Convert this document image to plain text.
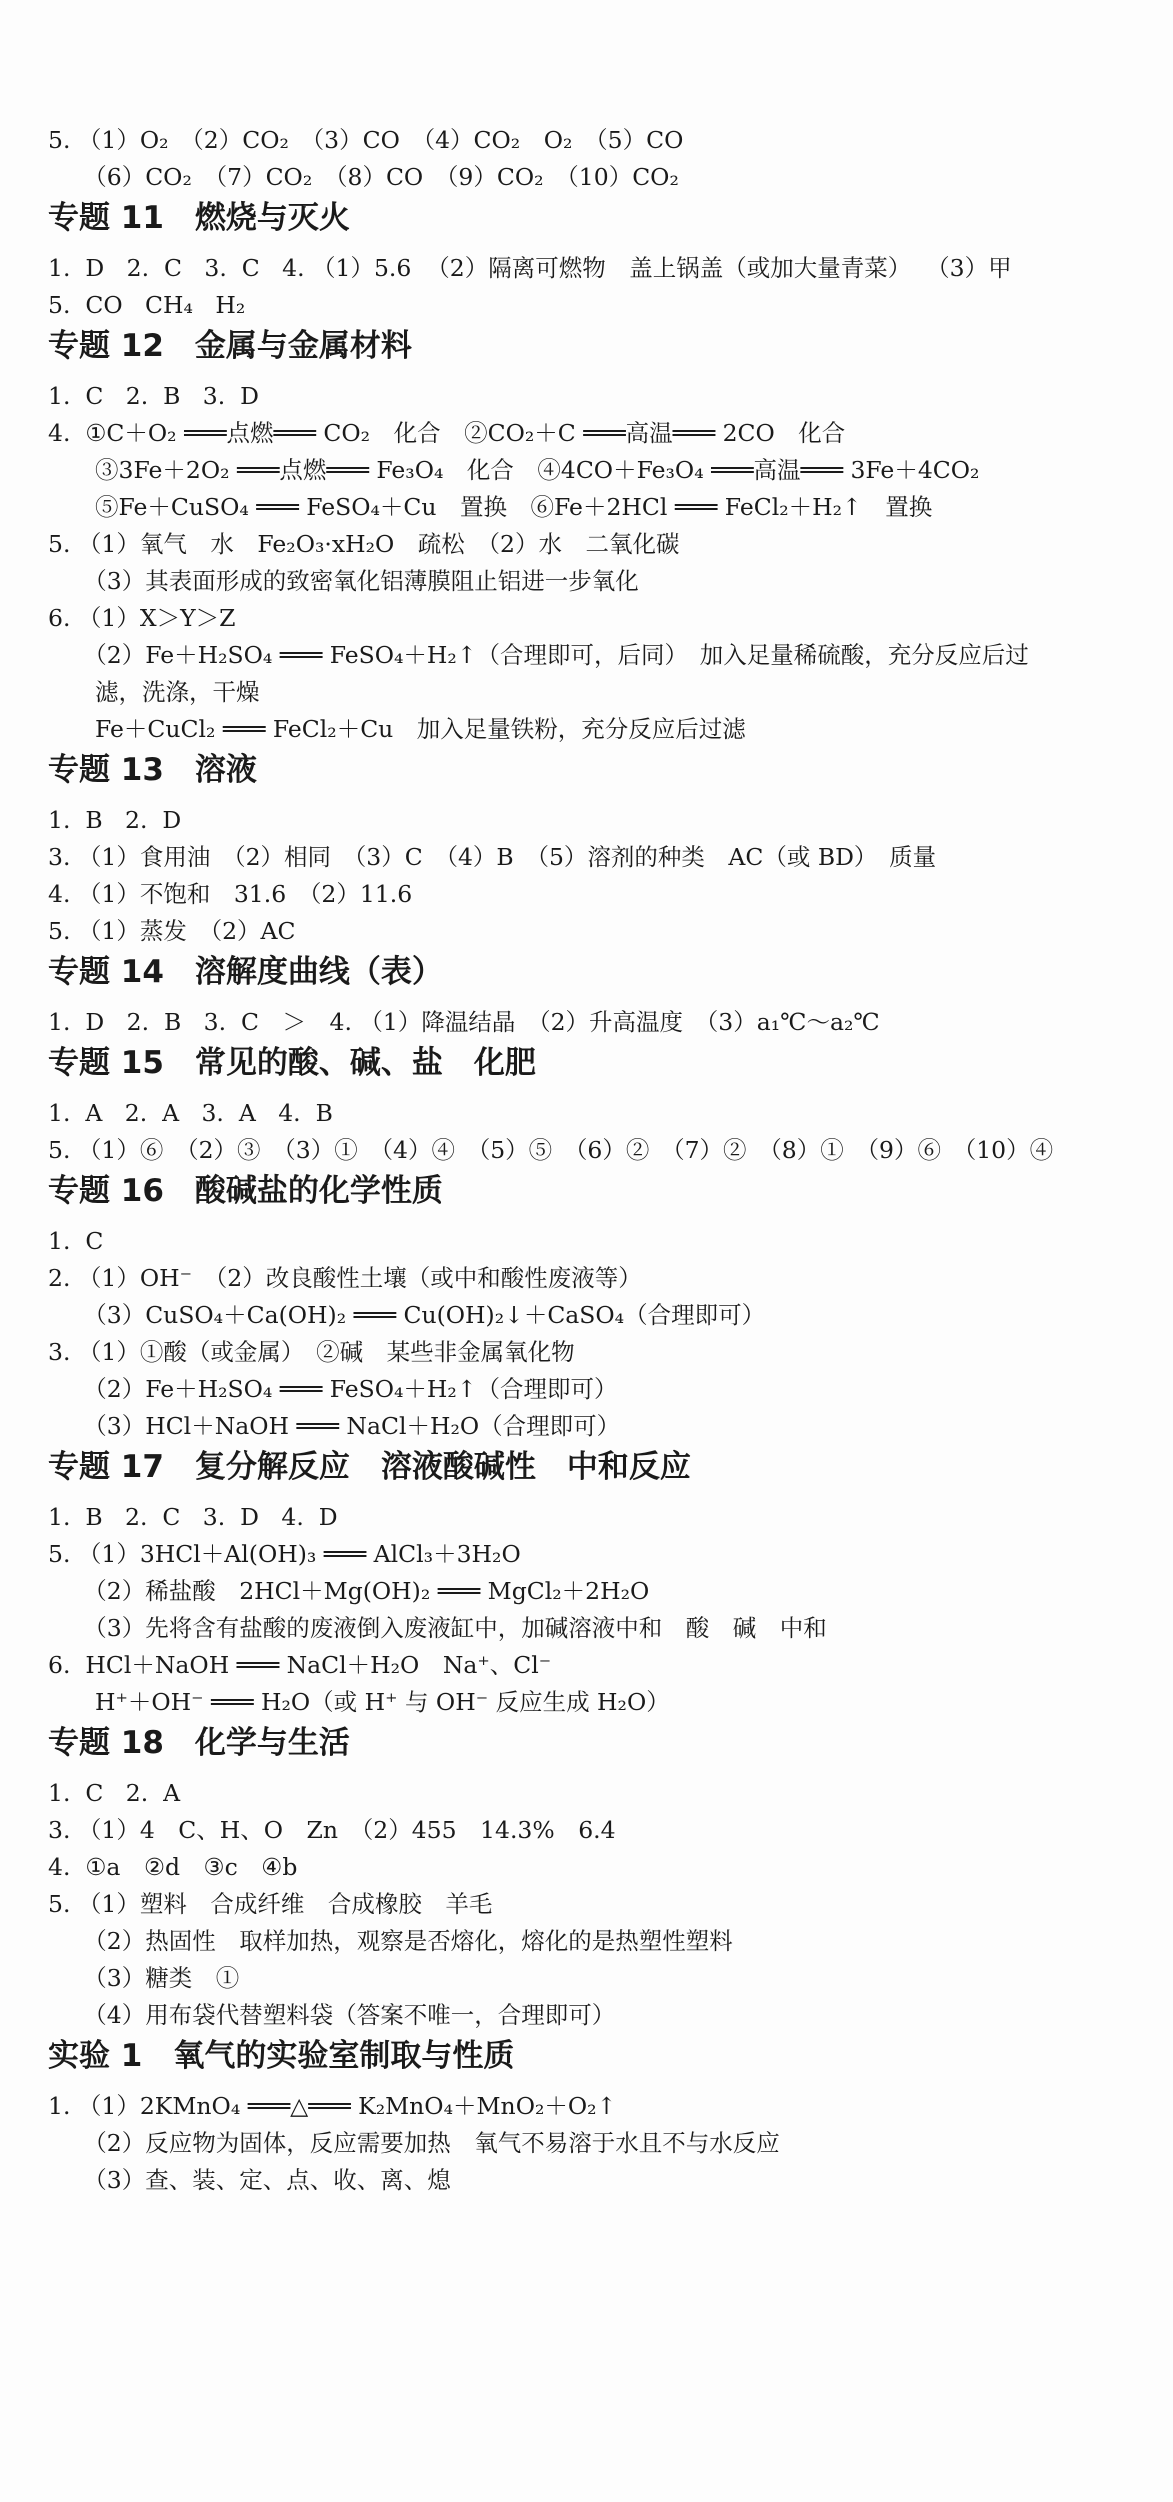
5. （1）O₂　（2）CO₂　（3）CO　（4）CO₂　O₂　（5）CO
　　（6）CO₂　（7）CO₂　（8）CO　（9）CO₂　（10）CO₂
专题 11　燃烧与灭火
1.  D   2.  C   3.  C   4. （1）5.6  （2）隔离可燃物　盖上锅盖（或加大量青菜）  （3）甲
5.  CO   CH₄   H₂
专题 12　金属与金属材料
1.  C   2.  B   3.  D
4.  ①C＋O₂ ═══点燃═══ CO₂　化合　②CO₂＋C ═══高温═══ 2CO　化合
　　③3Fe＋2O₂ ═══点燃═══ Fe₃O₄　化合　④4CO＋Fe₃O₄ ═══高温═══ 3Fe＋4CO₂
　　⑤Fe＋CuSO₄ ═══ FeSO₄＋Cu　置换　⑥Fe＋2HCl ═══ FeCl₂＋H₂↑　置换
5. （1）氧气　水　Fe₂O₃·xH₂O　疏松　（2）水　二氧化碳
　　（3）其表面形成的致密氧化铝薄膜阻止铝进一步氧化
6. （1）X＞Y＞Z
　　（2）Fe＋H₂SO₄ ═══ FeSO₄＋H₂↑（合理即可，后同）　加入足量稀硫酸，充分反应后过
　　滤，洗涤，干燥
　　Fe＋CuCl₂ ═══ FeCl₂＋Cu　加入足量铁粉，充分反应后过滤
专题 13　溶液
1.  B   2.  D
3. （1）食用油　（2）相同　（3）C　（4）B　（5）溶剂的种类　AC（或 BD）　质量
4. （1）不饱和　31.6　（2）11.6
5. （1）蒸发　（2）AC
专题 14　溶解度曲线（表）
1.  D   2.  B   3.  C　＞　4. （1）降温结晶　（2）升高温度　（3）a₁℃～a₂℃
专题 15　常见的酸、碱、盐　化肥
1.  A   2.  A   3.  A   4.  B
5. （1）⑥　（2）③　（3）①　（4）④　（5）⑤　（6）②　（7）②　（8）①　（9）⑥　（10）④
专题 16　酸碱盐的化学性质
1.  C
2. （1）OH⁻　（2）改良酸性土壤（或中和酸性废液等）
　　（3）CuSO₄＋Ca(OH)₂ ═══ Cu(OH)₂↓＋CaSO₄（合理即可）
3. （1）①酸（或金属）　②碱　某些非金属氧化物
　　（2）Fe＋H₂SO₄ ═══ FeSO₄＋H₂↑（合理即可）
　　（3）HCl＋NaOH ═══ NaCl＋H₂O（合理即可）
专题 17　复分解反应　溶液酸碱性　中和反应
1.  B   2.  C   3.  D   4.  D
5. （1）3HCl＋Al(OH)₃ ═══ AlCl₃＋3H₂O
　　（2）稀盐酸　2HCl＋Mg(OH)₂ ═══ MgCl₂＋2H₂O
　　（3）先将含有盐酸的废液倒入废液缸中，加碱溶液中和　酸　碱　中和
6.  HCl＋NaOH ═══ NaCl＋H₂O　Na⁺、Cl⁻
　　H⁺＋OH⁻ ═══ H₂O（或 H⁺ 与 OH⁻ 反应生成 H₂O）
专题 18　化学与生活
1.  C   2.  A
3. （1）4　C、H、O　Zn　（2）455　14.3%　6.4
4.  ①a　②d　③c　④b
5. （1）塑料　合成纤维　合成橡胶　羊毛
　　（2）热固性　取样加热，观察是否熔化，熔化的是热塑性塑料
　　（3）糖类　①
　　（4）用布袋代替塑料袋（答案不唯一，合理即可）
实验 1　氧气的实验室制取与性质
1. （1）2KMnO₄ ═══△═══ K₂MnO₄＋MnO₂＋O₂↑
　　（2）反应物为固体，反应需要加热　氧气不易溶于水且不与水反应
　　（3）查、装、定、点、收、离、熄
